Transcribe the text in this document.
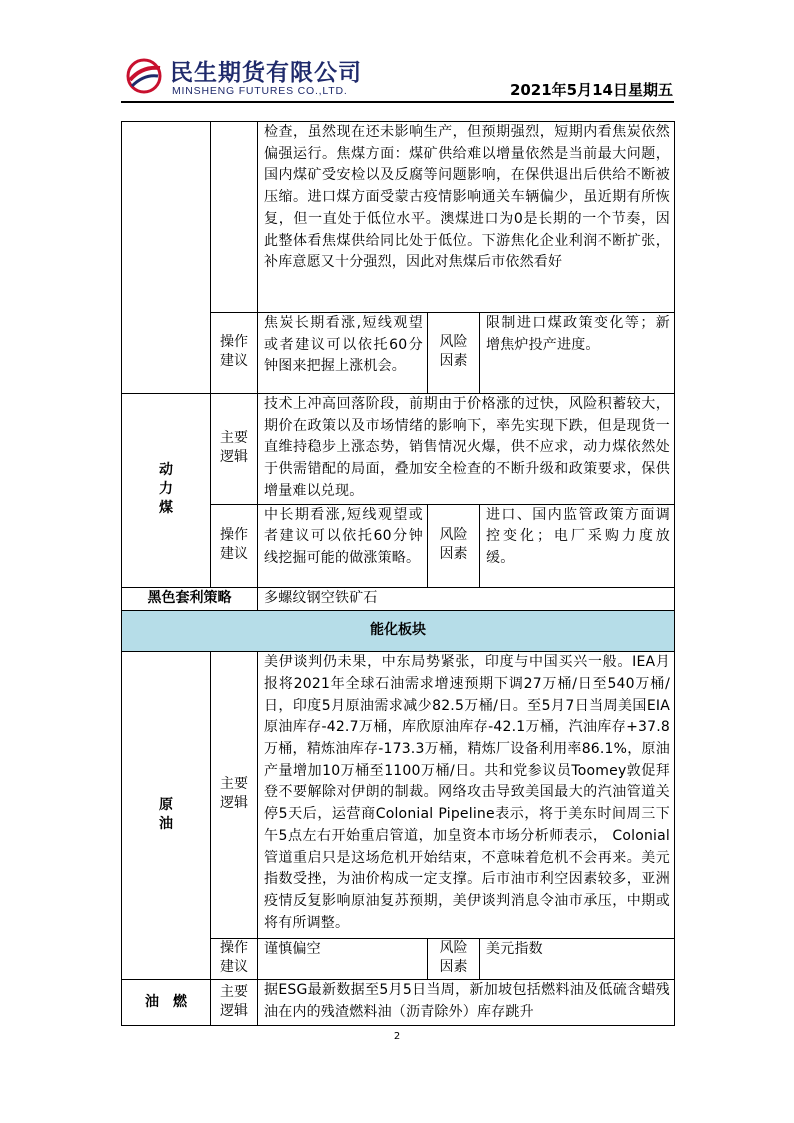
民生期货有限公司
MINSHENG FUTURES CO.,LTD.	2021年5月14日星期五

		检查，虽然现在还未影响生产，但预期强烈，短期内看焦炭依然偏强运行。焦煤方面：煤矿供给难以增量依然是当前最大问题，国内煤矿受安检以及反腐等问题影响，在保供退出后供给不断被压缩。进口煤方面受蒙古疫情影响通关车辆偏少，虽近期有所恢复，但一直处于低位水平。澳煤进口为0是长期的一个节奏，因此整体看焦煤供给同比处于低位。下游焦化企业利润不断扩张，补库意愿又十分强烈，因此对焦煤后市依然看好		

	操作建议	焦炭长期看涨,短线观望或者建议可以依托60分钟图来把握上涨机会。	风险因素	限制进口煤政策变化等；新增焦炉投产进度。

动力煤	主要逻辑	技术上冲高回落阶段，前期由于价格涨的过快，风险积蓄较大，期价在政策以及市场情绪的影响下，率先实现下跌，但是现货一直维持稳步上涨态势，销售情况火爆，供不应求，动力煤依然处于供需错配的局面，叠加安全检查的不断升级和政策要求，保供增量难以兑现。		

	操作建议	中长期看涨,短线观望或者建议可以依托60分钟线挖掘可能的做涨策略。	风险因素	进口、国内监管政策方面调控变化；电厂采购力度放缓。

黑色套利策略		多螺纹钢空铁矿石		

能化板块				
原油	主要逻辑	美伊谈判仍未果，中东局势紧张，印度与中国买兴一般。IEA月报将2021年全球石油需求增速预期下调27万桶/日至540万桶/日，印度5月原油需求减少82.5万桶/日。至5月7日当周美国EIA原油库存-42.7万桶，库欣原油库存-42.1万桶，汽油库存+37.8万桶，精炼油库存-173.3万桶，精炼厂设备利用率86.1%，原油产量增加10万桶至1100万桶/日。共和党参议员Toomey敦促拜登不要解除对伊朗的制裁。网络攻击导致美国最大的汽油管道关停5天后，运营商Colonial Pipeline表示，将于美东时间周三下午5点左右开始重启管道，加皇资本市场分析师表示， Colonial管道重启只是这场危机开始结束，不意味着危机不会再来。美元指数受挫，为油价构成一定支撑。后市油市利空因素较多，亚洲疫情反复影响原油复苏预期，美伊谈判消息令油市承压，中期或将有所调整。		

	操作建议	谨慎偏空	风险因素	美元指数

油　燃	主要逻辑	据ESG最新数据至5月5日当周，新加坡包括燃料油及低硫含蜡残油在内的残渣燃料油（沥青除外）库存跳升		
2
